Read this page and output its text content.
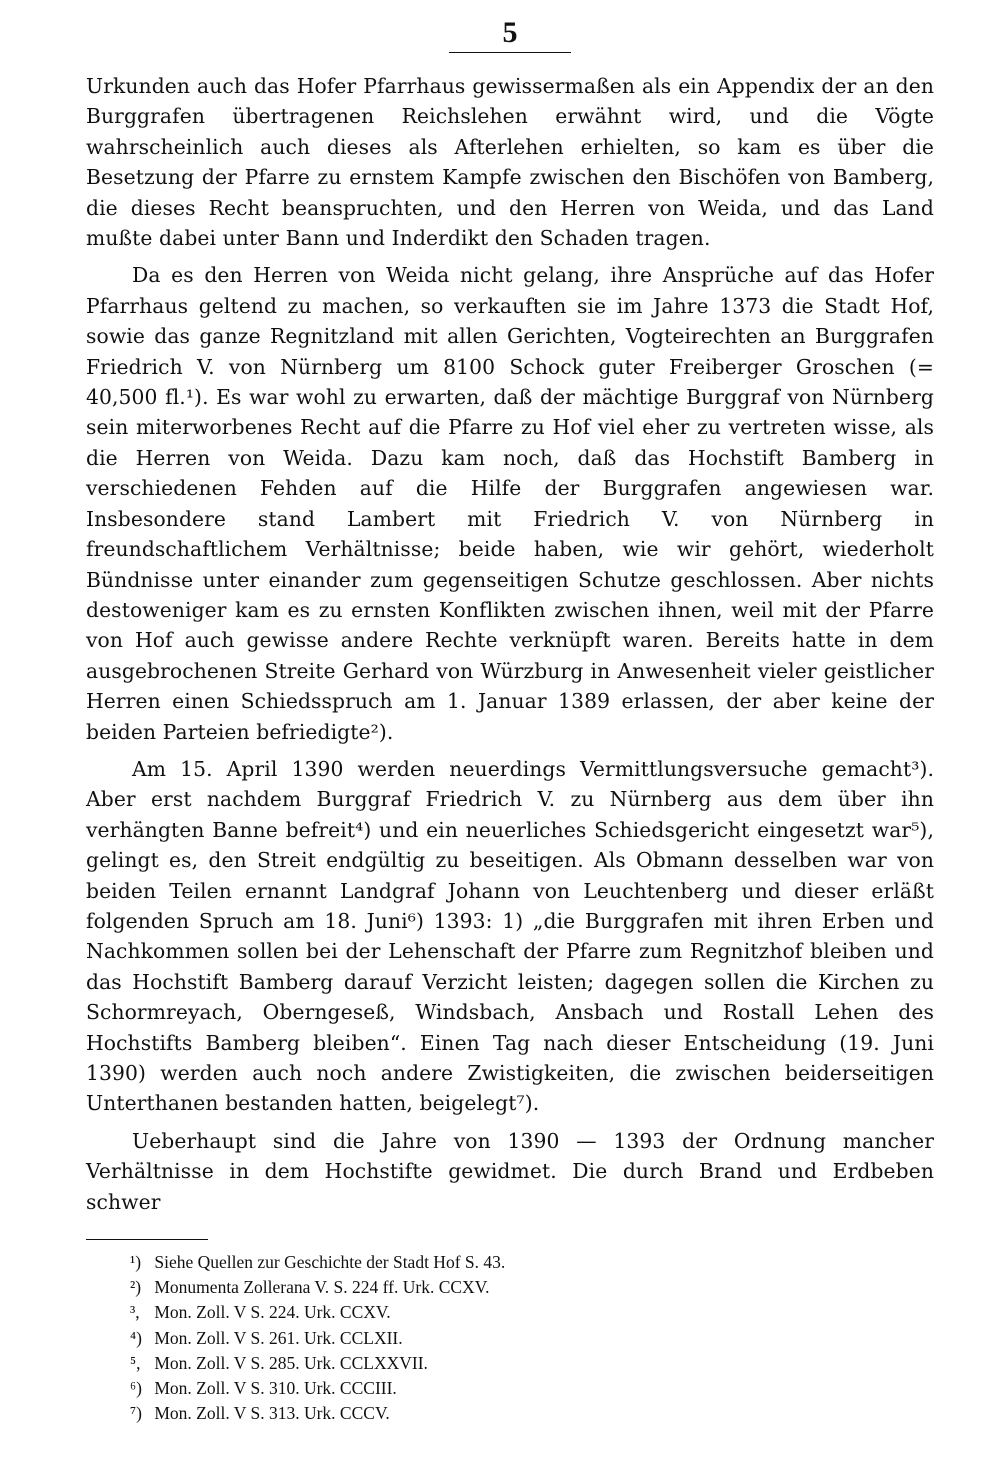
5

Urkunden auch das Hofer Pfarrhaus gewissermaßen als ein Appendix der an den Burggrafen übertragenen Reichslehen erwähnt wird, und die Vögte wahrscheinlich auch dieses als Afterlehen erhielten, so kam es über die Besetzung der Pfarre zu ernstem Kampfe zwischen den Bischöfen von Bamberg, die dieses Recht beanspruchten, und den Herren von Weida, und das Land mußte dabei unter Bann und Inderdikt den Schaden tragen.

Da es den Herren von Weida nicht gelang, ihre Ansprüche auf das Hofer Pfarrhaus geltend zu machen, so verkauften sie im Jahre 1373 die Stadt Hof, sowie das ganze Regnitzland mit allen Gerichten, Vogteirechten an Burggrafen Friedrich V. von Nürnberg um 8100 Schock guter Freiberger Groschen (= 40,500 fl.¹). Es war wohl zu erwarten, daß der mächtige Burggraf von Nürnberg sein miterworbenes Recht auf die Pfarre zu Hof viel eher zu vertreten wisse, als die Herren von Weida. Dazu kam noch, daß das Hochstift Bamberg in verschiedenen Fehden auf die Hilfe der Burggrafen angewiesen war. Insbesondere stand Lambert mit Friedrich V. von Nürnberg in freundschaftlichem Verhältnisse; beide haben, wie wir gehört, wiederholt Bündnisse unter einander zum gegenseitigen Schutze geschlossen. Aber nichts destoweniger kam es zu ernsten Konflikten zwischen ihnen, weil mit der Pfarre von Hof auch gewisse andere Rechte verknüpft waren. Bereits hatte in dem ausgebrochenen Streite Gerhard von Würzburg in Anwesenheit vieler geistlicher Herren einen Schiedsspruch am 1. Januar 1389 erlassen, der aber keine der beiden Parteien befriedigte²).

Am 15. April 1390 werden neuerdings Vermittlungsversuche gemacht³). Aber erst nachdem Burggraf Friedrich V. zu Nürnberg aus dem über ihn verhängten Banne befreit⁴) und ein neuerliches Schiedsgericht eingesetzt war⁵), gelingt es, den Streit endgültig zu beseitigen. Als Obmann desselben war von beiden Teilen ernannt Landgraf Johann von Leuchtenberg und dieser erläßt folgenden Spruch am 18. Juni⁶) 1393: 1) „die Burggrafen mit ihren Erben und Nachkommen sollen bei der Lehenschaft der Pfarre zum Regnitzhof bleiben und das Hochstift Bamberg darauf Verzicht leisten; dagegen sollen die Kirchen zu Schormreyach, Oberngeseß, Windsbach, Ansbach und Rostall Lehen des Hochstifts Bamberg bleiben“. Einen Tag nach dieser Entscheidung (19. Juni 1390) werden auch noch andere Zwistigkeiten, die zwischen beiderseitigen Unterthanen bestanden hatten, beigelegt⁷).

Ueberhaupt sind die Jahre von 1390 — 1393 der Ordnung mancher Verhältnisse in dem Hochstifte gewidmet. Die durch Brand und Erdbeben schwer

¹) Siehe Quellen zur Geschichte der Stadt Hof S. 43.
²) Monumenta Zollerana V. S. 224 ff. Urk. CCXV.
³, Mon. Zoll. V S. 224. Urk. CCXV.
⁴) Mon. Zoll. V S. 261. Urk. CCLXII.
⁵, Mon. Zoll. V S. 285. Urk. CCLXXVII.
⁶) Mon. Zoll. V S. 310. Urk. CCCIII.
⁷) Mon. Zoll. V S. 313. Urk. CCCV.
